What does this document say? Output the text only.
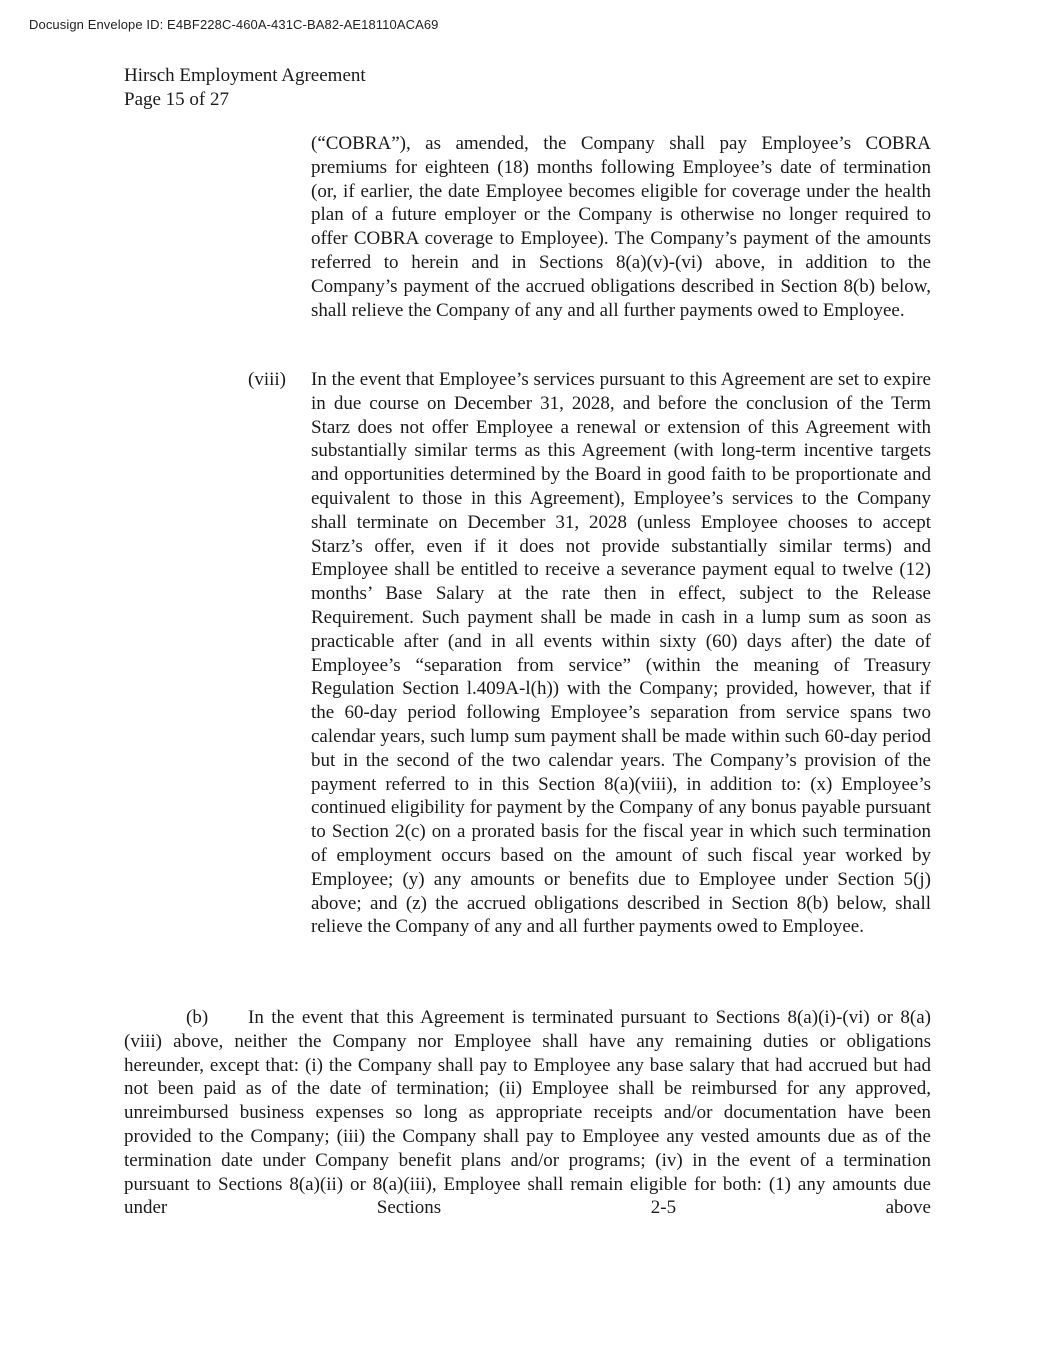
Docusign Envelope ID: E4BF228C-460A-431C-BA82-AE18110ACA69
Hirsch Employment Agreement
Page 15 of 27
(“COBRA”), as amended, the Company shall pay Employee’s COBRA premiums for eighteen (18) months following Employee’s date of termination (or, if earlier, the date Employee becomes eligible for coverage under the health plan of a future employer or the Company is otherwise no longer required to offer COBRA coverage to Employee). The Company’s payment of the amounts referred to herein and in Sections 8(a)(v)-(vi) above, in addition to the Company’s payment of the accrued obligations described in Section 8(b) below, shall relieve the Company of any and all further payments owed to Employee.
(viii) In the event that Employee’s services pursuant to this Agreement are set to expire in due course on December 31, 2028, and before the conclusion of the Term Starz does not offer Employee a renewal or extension of this Agreement with substantially similar terms as this Agreement (with long-term incentive targets and opportunities determined by the Board in good faith to be proportionate and equivalent to those in this Agreement), Employee’s services to the Company shall terminate on December 31, 2028 (unless Employee chooses to accept Starz’s offer, even if it does not provide substantially similar terms) and Employee shall be entitled to receive a severance payment equal to twelve (12) months’ Base Salary at the rate then in effect, subject to the Release Requirement. Such payment shall be made in cash in a lump sum as soon as practicable after (and in all events within sixty (60) days after) the date of Employee’s “separation from service” (within the meaning of Treasury Regulation Section l.409A-l(h)) with the Company; provided, however, that if the 60-day period following Employee’s separation from service spans two calendar years, such lump sum payment shall be made within such 60-day period but in the second of the two calendar years. The Company’s provision of the payment referred to in this Section 8(a)(viii), in addition to: (x) Employee’s continued eligibility for payment by the Company of any bonus payable pursuant to Section 2(c) on a prorated basis for the fiscal year in which such termination of employment occurs based on the amount of such fiscal year worked by Employee; (y) any amounts or benefits due to Employee under Section 5(j) above; and (z) the accrued obligations described in Section 8(b) below, shall relieve the Company of any and all further payments owed to Employee.
(b) In the event that this Agreement is terminated pursuant to Sections 8(a)(i)-(vi) or 8(a)(viii) above, neither the Company nor Employee shall have any remaining duties or obligations hereunder, except that: (i) the Company shall pay to Employee any base salary that had accrued but had not been paid as of the date of termination; (ii) Employee shall be reimbursed for any approved, unreimbursed business expenses so long as appropriate receipts and/or documentation have been provided to the Company; (iii) the Company shall pay to Employee any vested amounts due as of the termination date under Company benefit plans and/or programs; (iv) in the event of a termination pursuant to Sections 8(a)(ii) or 8(a)(iii), Employee shall remain eligible for both: (1) any amounts due under Sections 2-5 above
